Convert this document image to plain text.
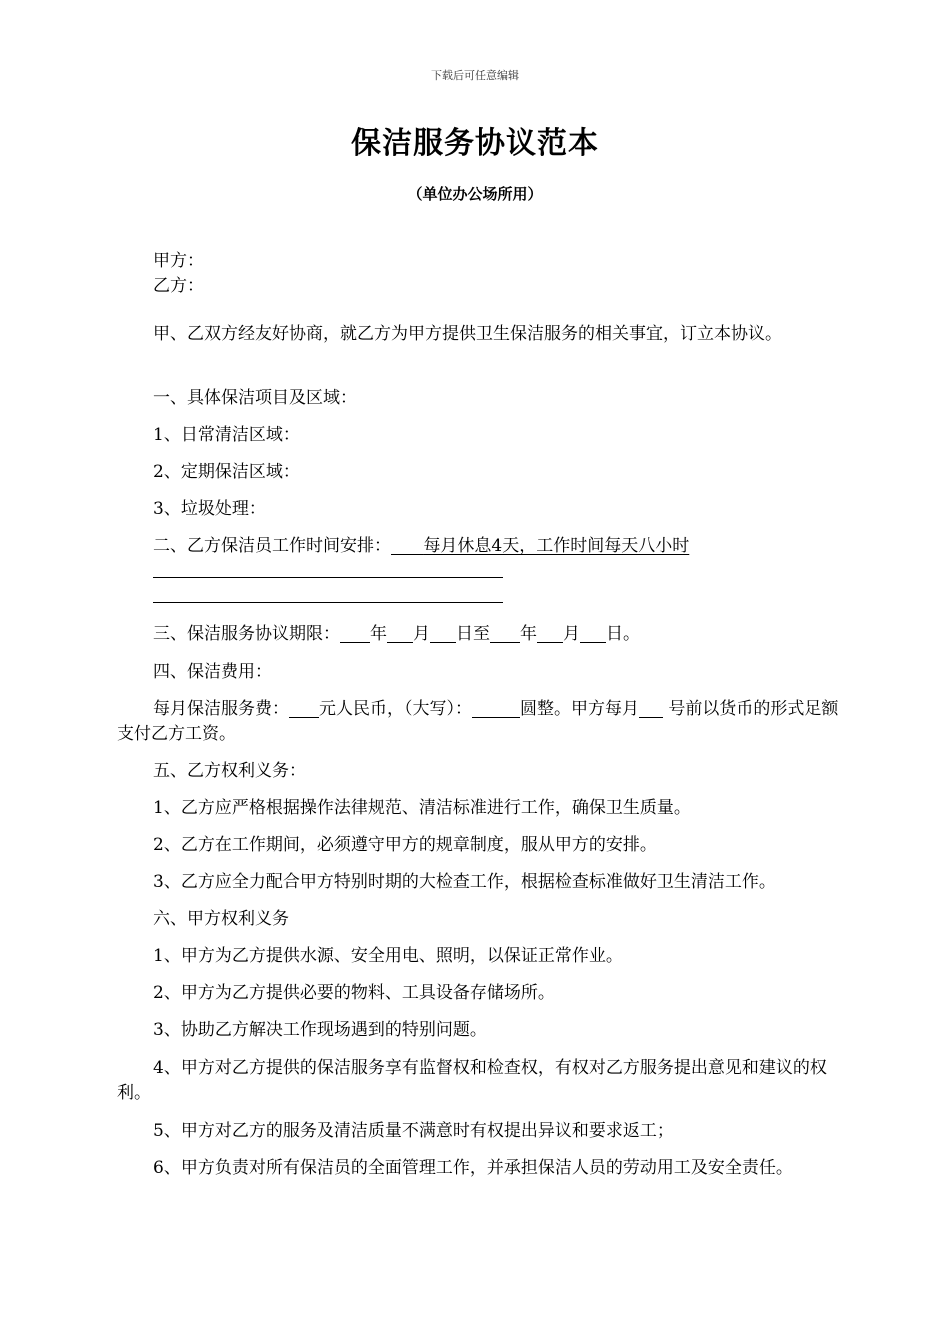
下载后可任意编辑
保洁服务协议范本
（单位办公场所用）
甲方：
乙方：
甲、乙双方经友好协商，就乙方为甲方提供卫生保洁服务的相关事宜，订立本协议。
一、具体保洁项目及区域：
1、日常清洁区域：
2、定期保洁区域：
3、垃圾处理：
二、乙方保洁员工作时间安排： 每月休息4天，工作时间每天八小时
三、保洁服务协议期限： 年 月 日至 年 月 日。
四、保洁费用：
每月保洁服务费： 元人民币，（大写）：	圆整。甲方每月 号前以货币的形式足额支付乙方工资。
五、乙方权利义务：
1、乙方应严格根据操作法律规范、清洁标准进行工作，确保卫生质量。
2、乙方在工作期间，必须遵守甲方的规章制度，服从甲方的安排。
3、乙方应全力配合甲方特别时期的大检查工作，根据检查标准做好卫生清洁工作。
六、甲方权利义务
1、甲方为乙方提供水源、安全用电、照明，以保证正常作业。
2、甲方为乙方提供必要的物料、工具设备存储场所。
3、协助乙方解决工作现场遇到的特别问题。
4、甲方对乙方提供的保洁服务享有监督权和检查权，有权对乙方服务提出意见和建议的权利。
5、甲方对乙方的服务及清洁质量不满意时有权提出异议和要求返工；
6、甲方负责对所有保洁员的全面管理工作，并承担保洁人员的劳动用工及安全责任。
